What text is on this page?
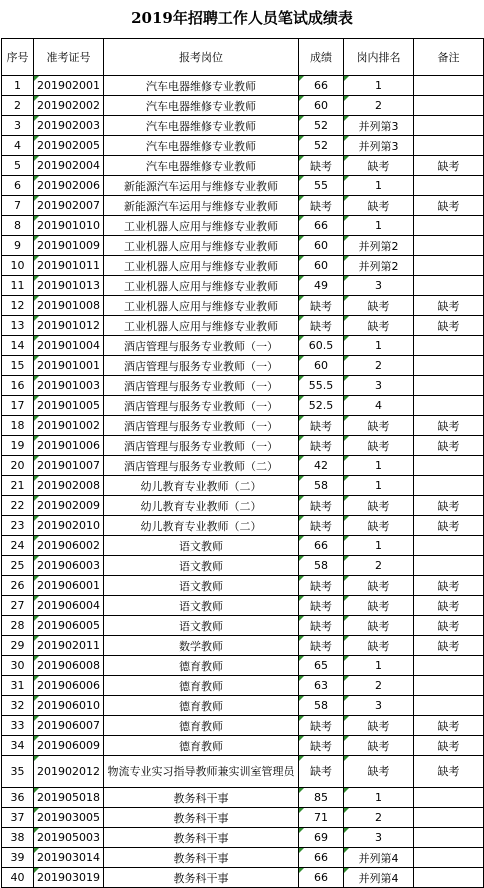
2019年招聘工作人员笔试成绩表
序号	准考证号	报考岗位	成绩	岗内排名	备注
1	201902001	汽车电器维修专业教师	66	1	
2	201902002	汽车电器维修专业教师	60	2	
3	201902003	汽车电器维修专业教师	52	并列第3	
4	201902005	汽车电器维修专业教师	52	并列第3	
5	201902004	汽车电器维修专业教师	缺考	缺考	缺考
6	201902006	新能源汽车运用与维修专业教师	55	1	
7	201902007	新能源汽车运用与维修专业教师	缺考	缺考	缺考
8	201901010	工业机器人应用与维修专业教师	66	1	
9	201901009	工业机器人应用与维修专业教师	60	并列第2	
10	201901011	工业机器人应用与维修专业教师	60	并列第2	
11	201901013	工业机器人应用与维修专业教师	49	3	
12	201901008	工业机器人应用与维修专业教师	缺考	缺考	缺考
13	201901012	工业机器人应用与维修专业教师	缺考	缺考	缺考
14	201901004	酒店管理与服务专业教师（一）	60.5	1	
15	201901001	酒店管理与服务专业教师（一）	60	2	
16	201901003	酒店管理与服务专业教师（一）	55.5	3	
17	201901005	酒店管理与服务专业教师（一）	52.5	4	
18	201901002	酒店管理与服务专业教师（一）	缺考	缺考	缺考
19	201901006	酒店管理与服务专业教师（一）	缺考	缺考	缺考
20	201901007	酒店管理与服务专业教师（二）	42	1	
21	201902008	幼儿教育专业教师（二）	58	1	
22	201902009	幼儿教育专业教师（二）	缺考	缺考	缺考
23	201902010	幼儿教育专业教师（二）	缺考	缺考	缺考
24	201906002	语文教师	66	1	
25	201906003	语文教师	58	2	
26	201906001	语文教师	缺考	缺考	缺考
27	201906004	语文教师	缺考	缺考	缺考
28	201906005	语文教师	缺考	缺考	缺考
29	201902011	数学教师	缺考	缺考	缺考
30	201906008	德育教师	65	1	
31	201906006	德育教师	63	2	
32	201906010	德育教师	58	3	
33	201906007	德育教师	缺考	缺考	缺考
34	201906009	德育教师	缺考	缺考	缺考
35	201902012	物流专业实习指导教师兼实训室管理员	缺考	缺考	缺考
36	201905018	教务科干事	85	1	
37	201903005	教务科干事	71	2	
38	201905003	教务科干事	69	3	
39	201903014	教务科干事	66	并列第4	
40	201903019	教务科干事	66	并列第4	
